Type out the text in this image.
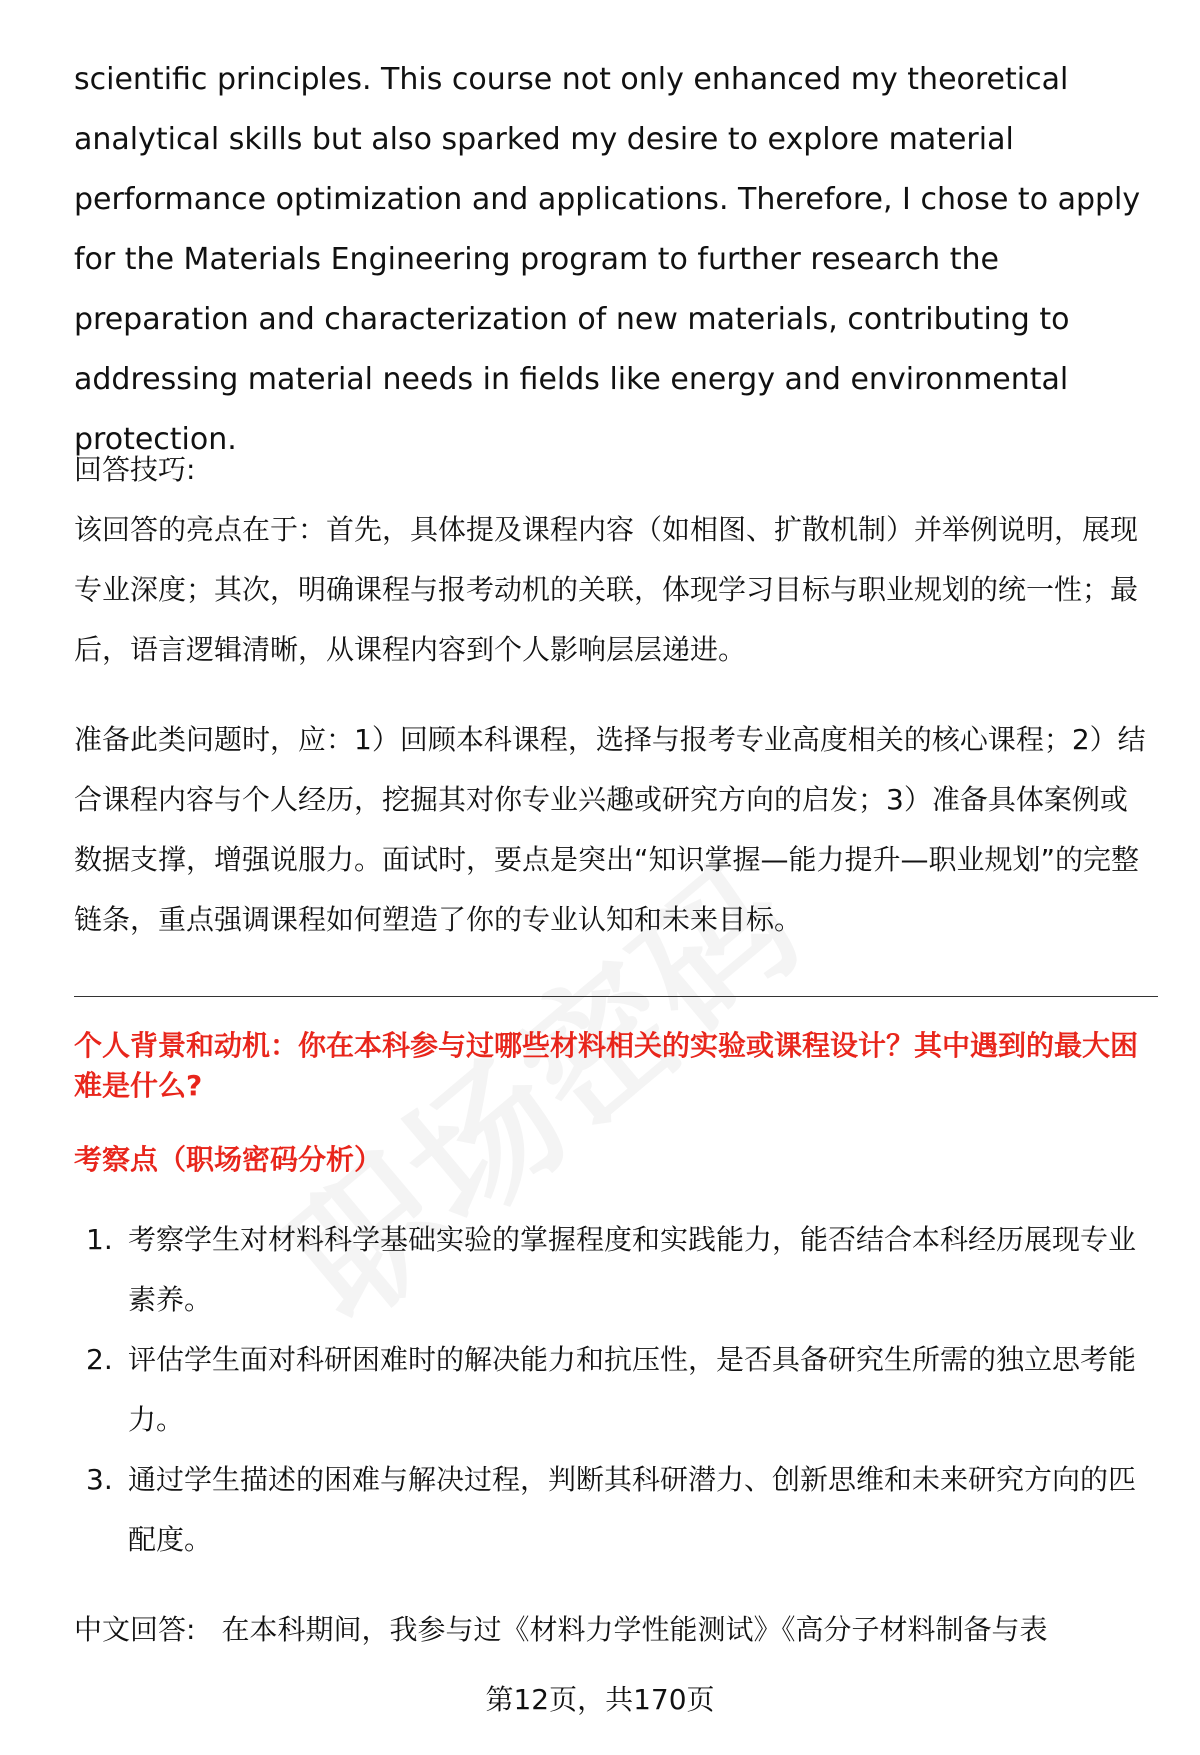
scientific principles. This course not only enhanced my theoretical analytical skills but also sparked my desire to explore material performance optimization and applications. Therefore, I chose to apply for the Materials Engineering program to further research the preparation and characterization of new materials, contributing to addressing material needs in fields like energy and environmental protection.

回答技巧:

该回答的亮点在于：首先，具体提及课程内容（如相图、扩散机制）并举例说明，展现专业深度；其次，明确课程与报考动机的关联，体现学习目标与职业规划的统一性；最后，语言逻辑清晰，从课程内容到个人影响层层递进。

准备此类问题时，应：1）回顾本科课程，选择与报考专业高度相关的核心课程；2）结合课程内容与个人经历，挖掘其对你专业兴趣或研究方向的启发；3）准备具体案例或数据支撑，增强说服力。面试时，要点是突出“知识掌握—能力提升—职业规划”的完整链条，重点强调课程如何塑造了你的专业认知和未来目标。

个人背景和动机：你在本科参与过哪些材料相关的实验或课程设计？其中遇到的最大困难是什么?

考察点（职场密码分析）

1. 考察学生对材料科学基础实验的掌握程度和实践能力，能否结合本科经历展现专业素养。
2. 评估学生面对科研困难时的解决能力和抗压性，是否具备研究生所需的独立思考能力。
3. 通过学生描述的困难与解决过程，判断其科研潜力、创新思维和未来研究方向的匹配度。

中文回答: 在本科期间，我参与过《材料力学性能测试》《高分子材料制备与表

第12页，共170页
